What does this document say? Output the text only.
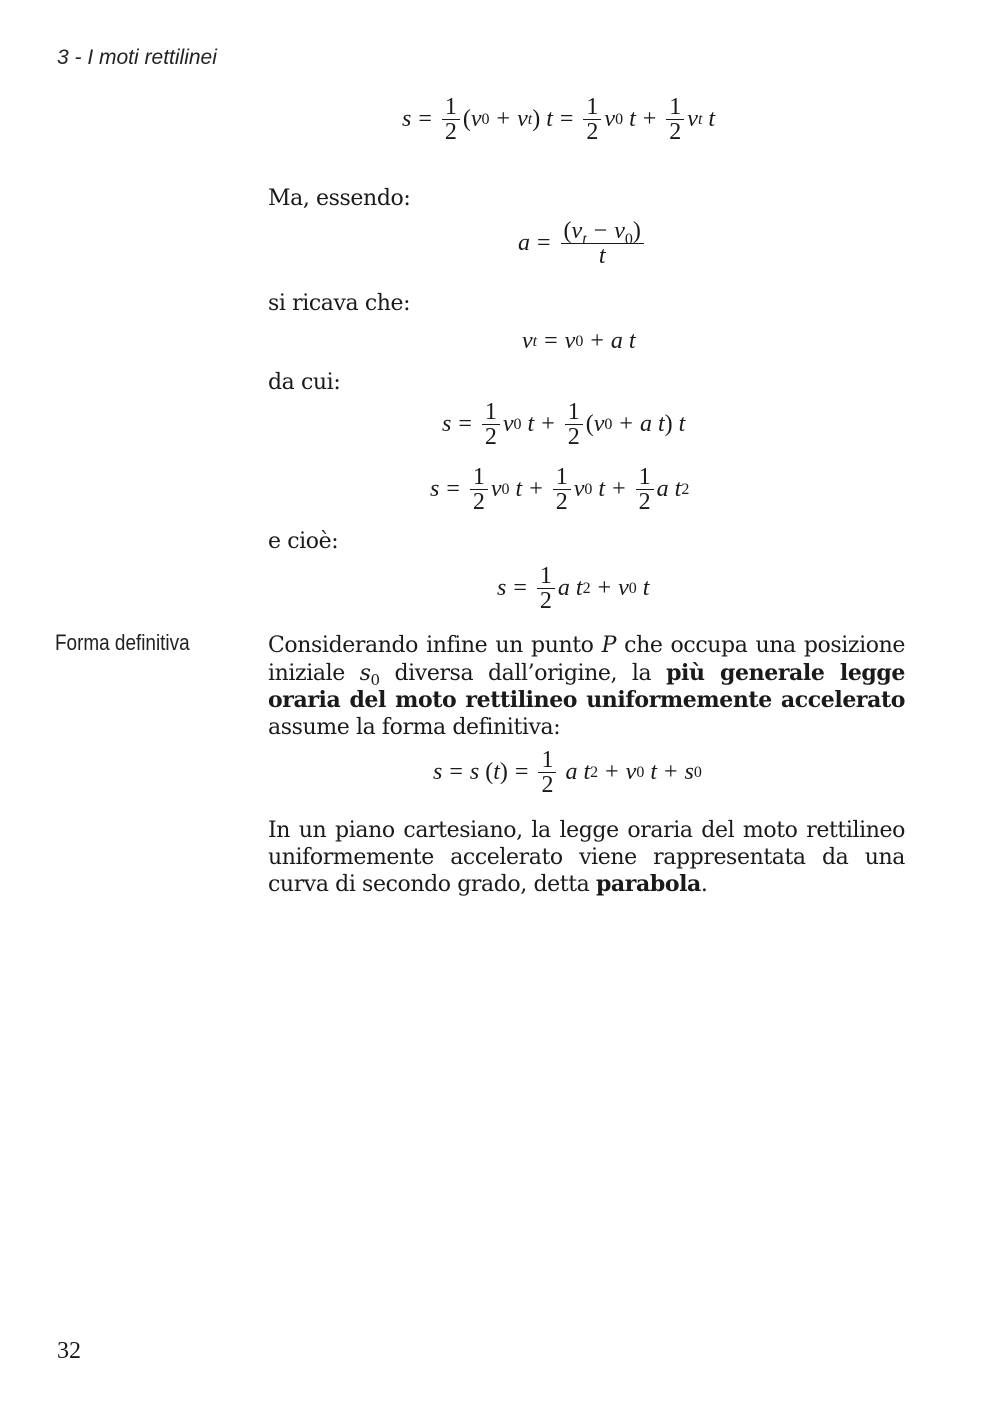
3 - I moti rettilinei
$s = \frac{1}{2}$ ( v 0 + v t ) $t = \frac{1}{2}$ v 0 $t + \frac{1}{2}$ v t t
Ma, essendo:
$a = \frac{(v_t - v_0)}{t}$
si ricava che:
v t = v 0 + a t
da cui:
$s = \frac{1}{2}$ v 0 $t + \frac{1}{2}$ ( v 0 + a t ) t
$s = \frac{1}{2}$ v 0 $t + \frac{1}{2}$ v 0 $t + \frac{1}{2}$ a t 2
e cioè:
$s = \frac{1}{2}$ a t 2 + v 0 t
Forma definitiva	Considerando infine un punto P che occupa una posizione iniziale $s_0$ diversa dall’origine, la più generale legge oraria del moto rettilineo uniformemente accelerato assume la forma definitiva:
s = s ( t ) = $\frac{1}{2}$ a t 2 + v 0 t + s 0
In un piano cartesiano, la legge oraria del moto rettilineo uniformemente accelerato viene rappresentata da una curva di secondo grado, detta parabola.
32
